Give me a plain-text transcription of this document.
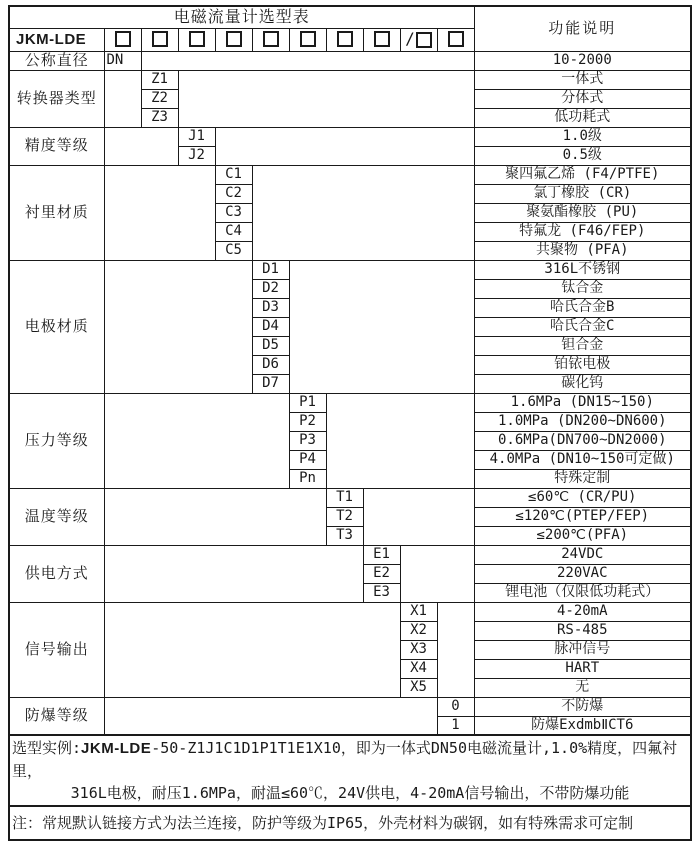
电磁流量计选型表											功能说明
JKM-LDE									/		
公称直径	DN										10-2000
转换器类型		Z1									一体式
		Z2									分体式
		Z3									低功耗式
精度等级			J1								1.0级
			J2								0.5级
衬里材质				C1							聚四氟乙烯 (F4/PTFE)
				C2							氯丁橡胶 (CR)
				C3							聚氨酯橡胶 (PU)
				C4							特氟龙 (F46/FEP)
				C5							共聚物 (PFA)
电极材质					D1						316L不锈钢
					D2						钛合金
					D3						哈氏合金B
					D4						哈氏合金C
					D5						钽合金
					D6						铂铱电极
					D7						碳化钨
压力等级						P1					1.6MPa (DN15~150)
						P2					1.0MPa (DN200~DN600)
						P3					0.6MPa(DN700~DN2000)
						P4					4.0MPa (DN10~150可定做)
						Pn					特殊定制
温度等级							T1				≤60℃ (CR/PU)
							T2				≤120℃(PTEP/FEP)
							T3				≤200℃(PFA)
供电方式								E1			24VDC
								E2			220VAC
								E3			锂电池（仅限低功耗式）
信号输出									X1		4-20mA
									X2		RS-485
									X3		脉冲信号
									X4		HART
									X5		无
防爆等级										0	不防爆
										1	防爆ExdmbⅡCT6

选型实例:JKM-LDE-50-Z1J1C1D1P1T1E1X10，即为一体式DN50电磁流量计,1.0%精度，四氟衬里，
316L电极，耐压1.6MPa，耐温≤60℃，24V供电，4-20mA信号输出，不带防爆功能											

注：常规默认链接方式为法兰连接，防护等级为IP65，外壳材料为碳钢，如有特殊需求可定制											
